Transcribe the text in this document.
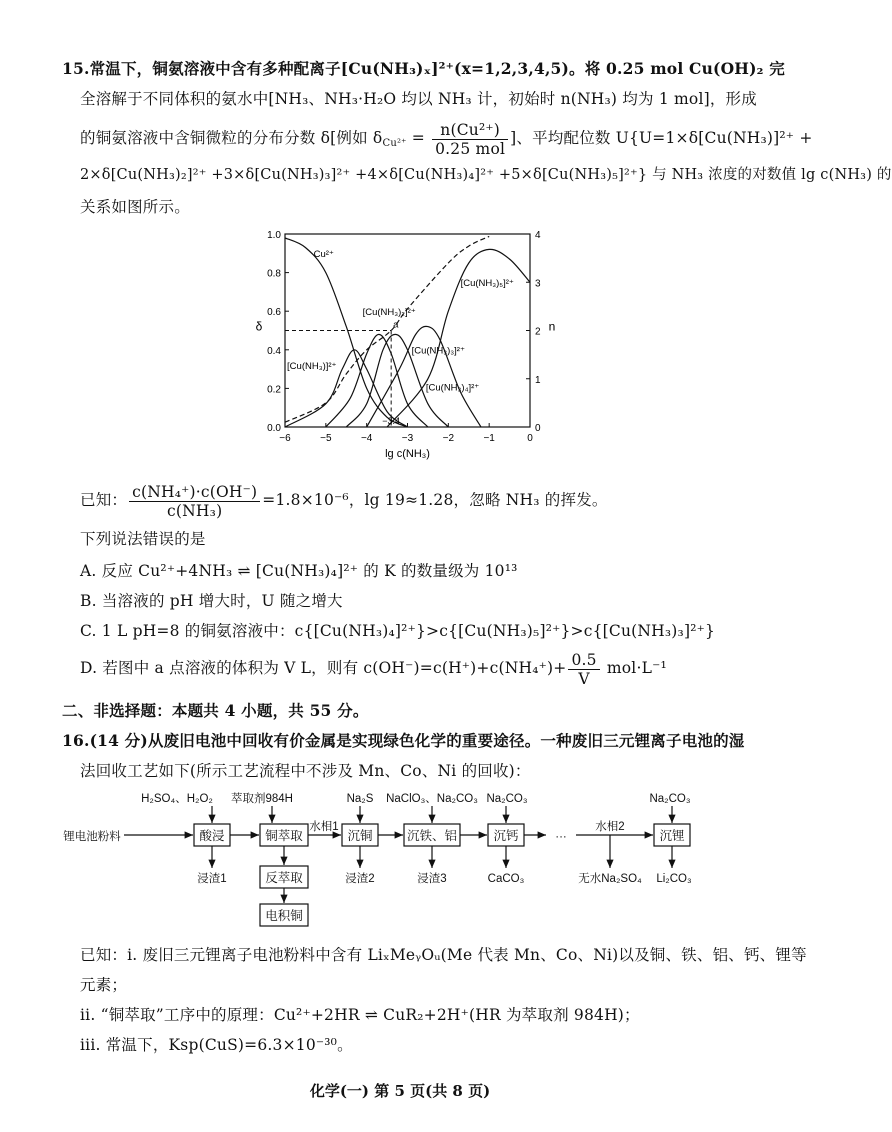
15.常温下，铜氨溶液中含有多种配离子[Cu(NH₃)ₓ]²⁺(x=1,2,3,4,5)。将 0.25 mol Cu(OH)₂ 完
全溶解于不同体积的氨水中[NH₃、NH₃·H₂O 均以 NH₃ 计，初始时 n(NH₃) 均为 1 mol]，形成
的铜氨溶液中含铜微粒的分布分数 δ[例如 $\delta_{Cu^{2+}} = \frac{\text{n(Cu²⁺)}}{\text{0.25 mol}}$ ]、平均配位数 U{U=1×δ[Cu(NH₃)]²⁺ +
2×δ[Cu(NH₃)₂]²⁺ +3×δ[Cu(NH₃)₃]²⁺ +4×δ[Cu(NH₃)₄]²⁺ +5×δ[Cu(NH₃)₅]²⁺} 与 NH₃ 浓度的对数值 lg c(NH₃) 的
关系如图所示。
−6	−5	−4	−3	−2	−1	0
0.0
0.2
0.4
0.6
0.8
1.0
0
1
2
3
4
lg c(NH₃)
δ	n
Cu²⁺
[Cu(NH₃)]²⁺
[Cu(NH₃)₂]²⁺
[Cu(NH₃)₃]²⁺
[Cu(NH₃)₄]²⁺
[Cu(NH₃)₅]²⁺
a
−3.4
已知： $\frac{\text{c(NH₄⁺)·c(OH⁻)}}{\text{c(NH₃)}} =1.8\times 10^{-6}$，lg 19≈1.28，忽略 NH₃ 的挥发。
下列说法错误的是
A. 反应 Cu²⁺+4NH₃ ⇌ [Cu(NH₃)₄]²⁺ 的 K 的数量级为 10¹³
B. 当溶液的 pH 增大时，U 随之增大
C. 1 L pH=8 的铜氨溶液中：c{[Cu(NH₃)₄]²⁺}>c{[Cu(NH₃)₅]²⁺}>c{[Cu(NH₃)₃]²⁺}
D. 若图中 a 点溶液的体积为 V L，则有 $c(OH^-)=c(H^+)+c(NH_4^+)+ \frac{0.5}{V} mol\cdot L^{-1}$
二、非选择题：本题共 4 小题，共 55 分。
16.(14 分)从废旧电池中回收有价金属是实现绿色化学的重要途径。一种废旧三元锂离子电池的湿
法回收工艺如下(所示工艺流程中不涉及 Mn、Co、Ni 的回收)：
H₂SO₄、H₂O₂ 萃取剂984H	Na₂S NaClO₃、Na₂CO₃ Na₂CO₃	Na₂CO₃
锂电池粉料	酸浸	铜萃取	沉铜	沉铁、铝	沉钙	沉锂
反萃取
电积铜
水相1	水相2
···
浸渣1	浸渣2	浸渣3	CaCO₃	无水Na₂SO₄ Li₂CO₃
已知：i. 废旧三元锂离子电池粉料中含有 LiₓMeᵧOᵤ(Me 代表 Mn、Co、Ni)以及铜、铁、铝、钙、锂等
元素；
ii. “铜萃取”工序中的原理：Cu²⁺+2HR ⇌ CuR₂+2H⁺(HR 为萃取剂 984H)；
iii. 常温下，Ksp(CuS)=6.3×10⁻³⁰。
化学(一) 第 5 页(共 8 页)
